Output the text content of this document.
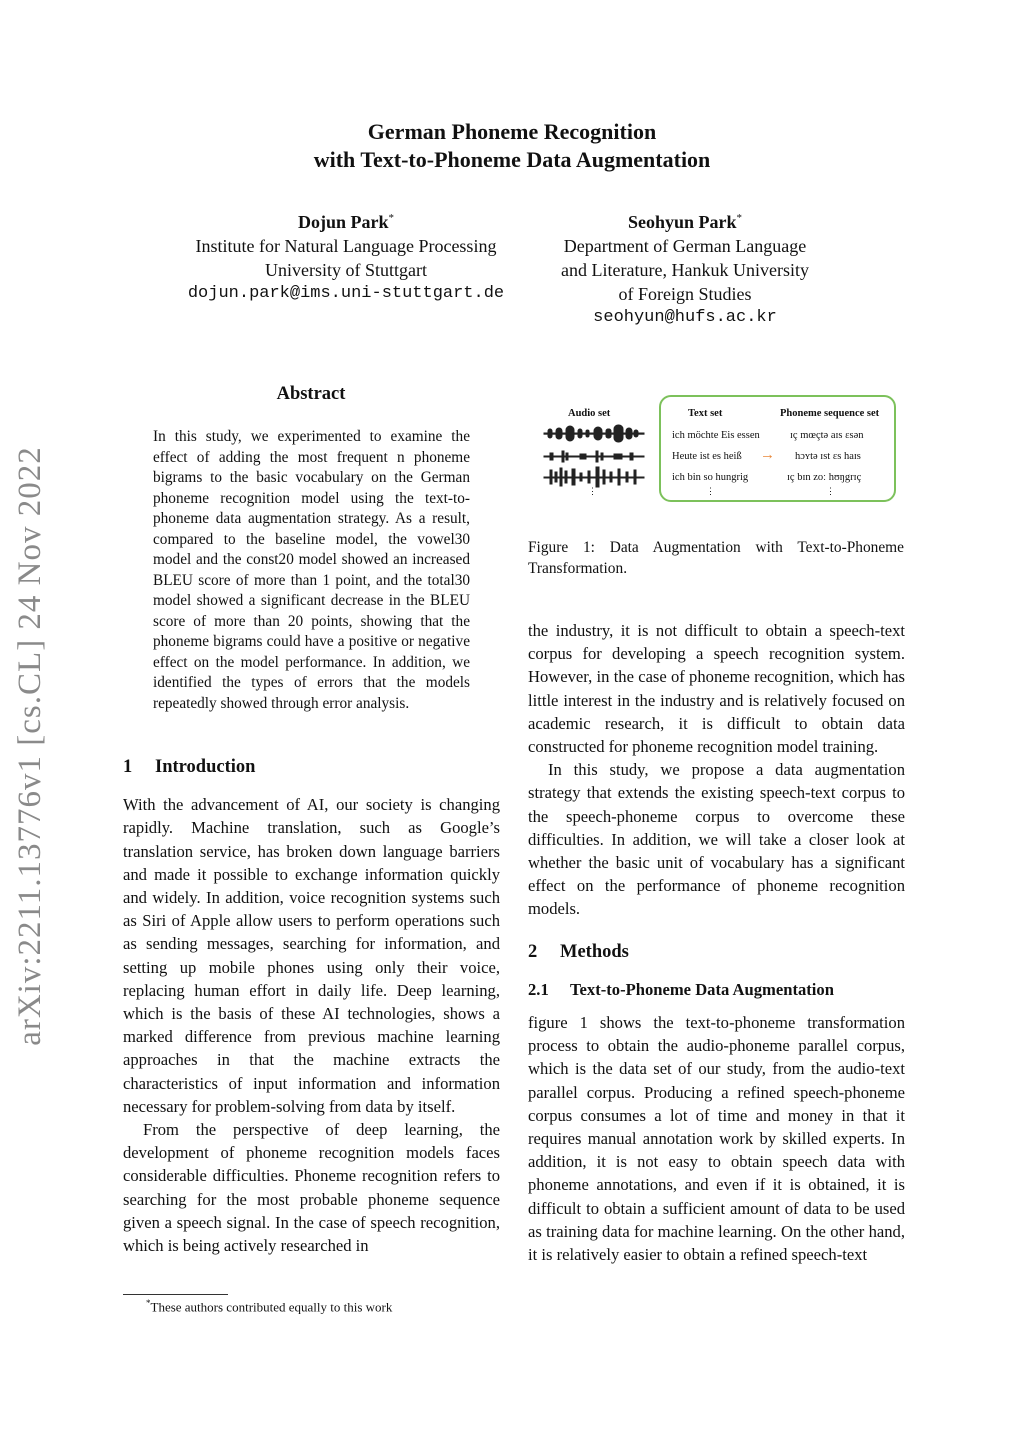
arXiv:2211.13776v1 [cs.CL] 24 Nov 2022
German Phoneme Recognition
with Text-to-Phoneme Data Augmentation
Dojun Park*
Institute for Natural Language Processing
University of Stuttgart
dojun.park@ims.uni-stuttgart.de
Seohyun Park*
Department of German Language
and Literature, Hankuk University
of Foreign Studies
seohyun@hufs.ac.kr
Abstract
In this study, we experimented to examine the effect of adding the most frequent n phoneme bigrams to the basic vocabulary on the German phoneme recognition model using the text-to-phoneme data augmentation strategy. As a result, compared to the baseline model, the vowel30 model and the const20 model showed an increased BLEU score of more than 1 point, and the total30 model showed a significant decrease in the BLEU score of more than 20 points, showing that the phoneme bigrams could have a positive or negative effect on the model performance. In addition, we identified the types of errors that the models repeatedly showed through error analysis.
1 Introduction

With the advancement of AI, our society is changing rapidly. Machine translation, such as Google’s translation service, has broken down language barriers and made it possible to exchange information quickly and widely. In addition, voice recognition systems such as Siri of Apple allow users to perform operations such as sending messages, searching for information, and setting up mobile phones using only their voice, replacing human effort in daily life. Deep learning, which is the basis of these AI technologies, shows a marked difference from previous machine learning approaches in that the machine extracts the characteristics of input information and information necessary for problem-solving from data by itself.

From the perspective of deep learning, the development of phoneme recognition models faces considerable difficulties. Phoneme recognition refers to searching for the most probable phoneme sequence given a speech signal. In the case of speech recognition, which is being actively researched in

*These authors contributed equally to this work
Audio set
⋮
Text set	Phoneme sequence set
ich möchte Eis essen
Heute ist es heiß
ich bin so hungrig
⋮
→
ɪç mœçtə aɪs ɛsən
hɔʏtə ɪst ɛs haɪs
ɪç bɪn zoː hʊŋgrɪç
⋮
Figure 1: Data Augmentation with Text-to-Phoneme Transformation.

the industry, it is not difficult to obtain a speech-text corpus for developing a speech recognition system. However, in the case of phoneme recognition, which has little interest in the industry and is relatively focused on academic research, it is difficult to obtain data constructed for phoneme recognition model training.

In this study, we propose a data augmentation strategy that extends the existing speech-text corpus to the speech-phoneme corpus to overcome these difficulties. In addition, we will take a closer look at whether the basic unit of vocabulary has a significant effect on the performance of phoneme recognition models.

2 Methods
2.1 Text-to-Phoneme Data Augmentation

figure 1 shows the text-to-phoneme transformation process to obtain the audio-phoneme parallel corpus, which is the data set of our study, from the audio-text parallel corpus. Producing a refined speech-phoneme corpus consumes a lot of time and money in that it requires manual annotation work by skilled experts. In addition, it is not easy to obtain speech data with phoneme annotations, and even if it is obtained, it is difficult to obtain a sufficient amount of data to be used as training data for machine learning. On the other hand, it is relatively easier to obtain a refined speech-text
